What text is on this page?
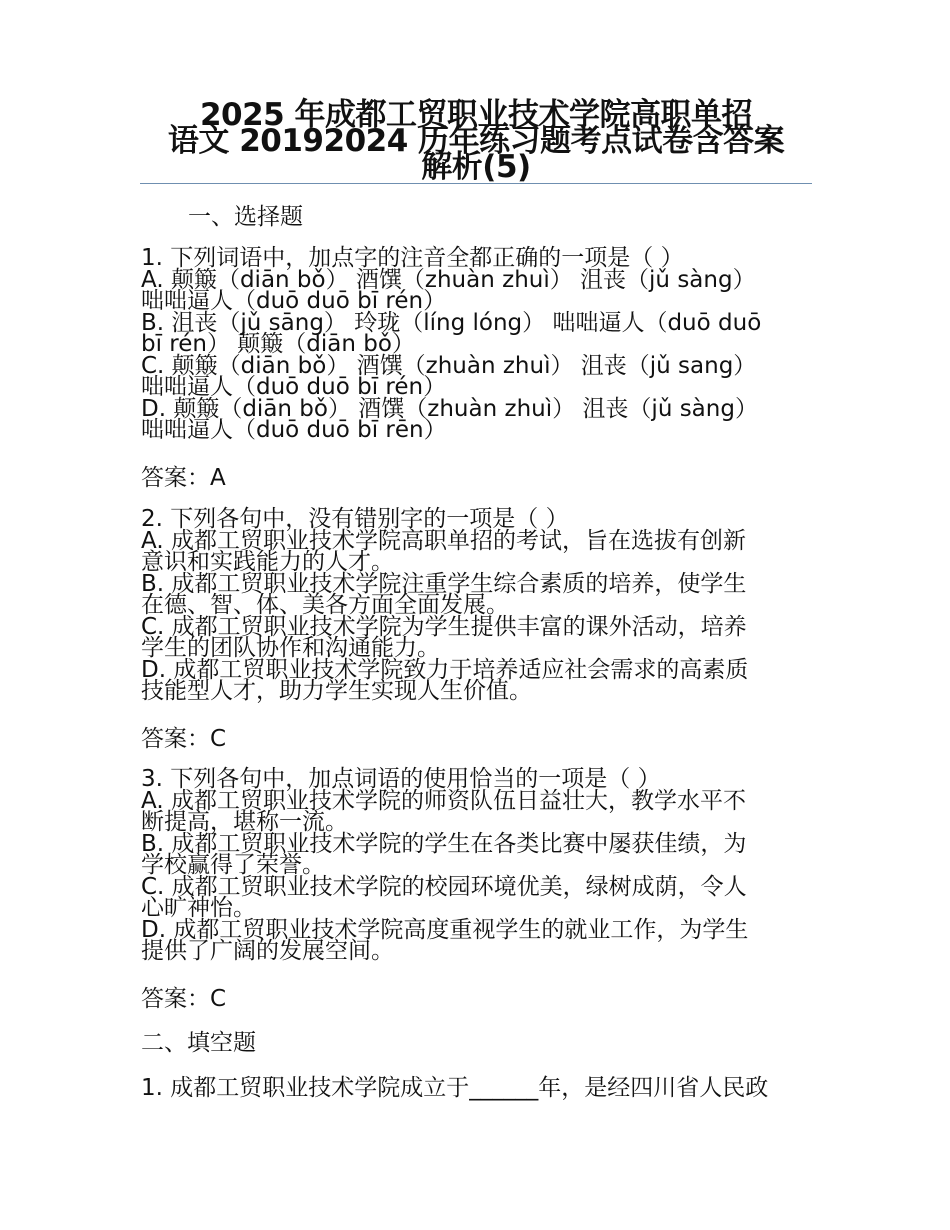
2025 年成都工贸职业技术学院高职单招
语文 20192024 历年练习题考点试卷含答案
解析(5)
一、选择题
1. 下列词语中，加点字的注音全都正确的一项是（ ）
A. 颠簸（diān bǒ） 酒馔（zhuàn zhuì） 沮丧（jǔ sàng）
咄咄逼人（duō duō bī rén）
B. 沮丧（jǔ sāng） 玲珑（líng lóng） 咄咄逼人（duō duō
bī rén） 颠簸（diān bǒ）
C. 颠簸（diān bǒ） 酒馔（zhuàn zhuì） 沮丧（jǔ sang）
咄咄逼人（duō duō bī rén）
D. 颠簸（diān bǒ） 酒馔（zhuàn zhuì） 沮丧（jǔ sàng）
咄咄逼人（duō duō bī rēn）
答案：A
2. 下列各句中，没有错别字的一项是（ ）
A. 成都工贸职业技术学院高职单招的考试，旨在选拔有创新
意识和实践能力的人才。
B. 成都工贸职业技术学院注重学生综合素质的培养，使学生
在德、智、体、美各方面全面发展。
C. 成都工贸职业技术学院为学生提供丰富的课外活动，培养
学生的团队协作和沟通能力。
D. 成都工贸职业技术学院致力于培养适应社会需求的高素质
技能型人才，助力学生实现人生价值。
答案：C
3. 下列各句中，加点词语的使用恰当的一项是（ ）
A. 成都工贸职业技术学院的师资队伍日益壮大，教学水平不
断提高，堪称一流。
B. 成都工贸职业技术学院的学生在各类比赛中屡获佳绩，为
学校赢得了荣誉。
C. 成都工贸职业技术学院的校园环境优美，绿树成荫，令人
心旷神怡。
D. 成都工贸职业技术学院高度重视学生的就业工作，为学生
提供了广阔的发展空间。
答案：C
二、填空题
1. 成都工贸职业技术学院成立于______年，是经四川省人民政
